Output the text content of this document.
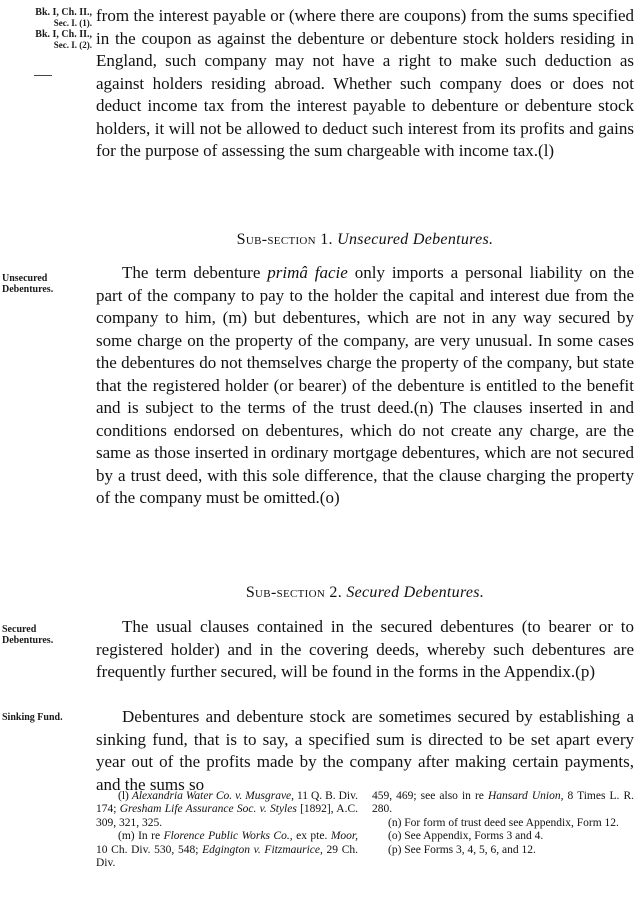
Bk. I, Ch. II.,
Sec. I. (1).
Bk. I, Ch. II.,
Sec. I. (2).
Unsecured Debentures.
Secured Debentures.
Sinking Fund.

from the interest payable or (where there are coupons) from the sums specified in the coupon as against the debenture or debenture stock holders residing in England, such company may not have a right to make such deduction as against holders residing abroad. Whether such company does or does not deduct income tax from the interest payable to debenture or debenture stock holders, it will not be allowed to deduct such interest from its profits and gains for the purpose of assessing the sum chargeable with income tax.(l)

Sub-section 1. Unsecured Debentures.

The term debenture primâ facie only imports a personal liability on the part of the company to pay to the holder the capital and interest due from the company to him, (m) but debentures, which are not in any way secured by some charge on the property of the company, are very unusual. In some cases the debentures do not themselves charge the property of the company, but state that the registered holder (or bearer) of the debenture is entitled to the benefit and is subject to the terms of the trust deed.(n) The clauses inserted in and conditions endorsed on debentures, which do not create any charge, are the same as those inserted in ordinary mortgage debentures, which are not secured by a trust deed, with this sole difference, that the clause charging the property of the company must be omitted.(o)

Sub-section 2. Secured Debentures.

The usual clauses contained in the secured debentures (to bearer or to registered holder) and in the covering deeds, whereby such debentures are frequently further secured, will be found in the forms in the Appendix.(p)

Debentures and debenture stock are sometimes secured by establishing a sinking fund, that is to say, a specified sum is directed to be set apart every year out of the profits made by the company after making certain payments, and the sums so

(l) Alexandria Water Co. v. Musgrave, 11 Q. B. Div. 174; Gresham Life Assurance Soc. v. Styles [1892], A.C. 309, 321, 325.

(m) In re Florence Public Works Co., ex pte. Moor, 10 Ch. Div. 530, 548; Edgington v. Fitzmaurice, 29 Ch. Div.

459, 469; see also in re Hansard Union, 8 Times L. R. 280.

(n) For form of trust deed see Appendix, Form 12.

(o) See Appendix, Forms 3 and 4.

(p) See Forms 3, 4, 5, 6, and 12.
